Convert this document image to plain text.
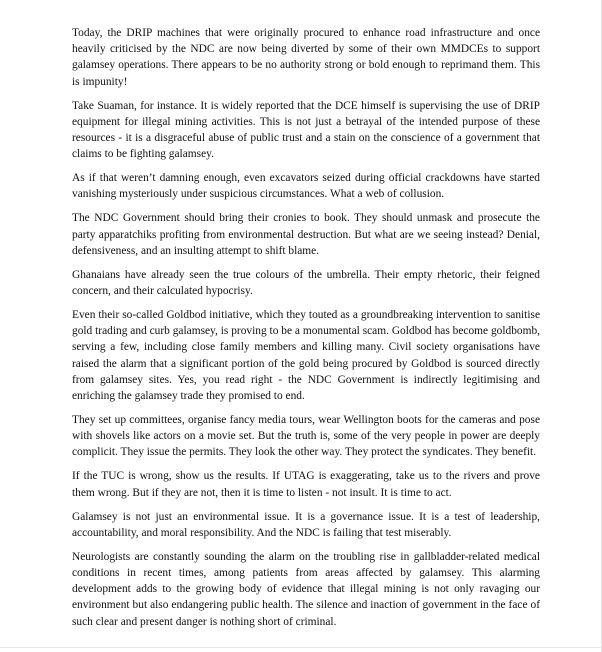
Today, the DRIP machines that were originally procured to enhance road infrastructure and once heavily criticised by the NDC are now being diverted by some of their own MMDCEs to support galamsey operations. There appears to be no authority strong or bold enough to reprimand them. This is impunity!

Take Suaman, for instance. It is widely reported that the DCE himself is supervising the use of DRIP equipment for illegal mining activities. This is not just a betrayal of the intended purpose of these resources - it is a disgraceful abuse of public trust and a stain on the conscience of a government that claims to be fighting galamsey.

As if that weren’t damning enough, even excavators seized during official crackdowns have started vanishing mysteriously under suspicious circumstances. What a web of collusion.

The NDC Government should bring their cronies to book. They should unmask and prosecute the party apparatchiks profiting from environmental destruction. But what are we seeing instead? Denial, defensiveness, and an insulting attempt to shift blame.

Ghanaians have already seen the true colours of the umbrella. Their empty rhetoric, their feigned concern, and their calculated hypocrisy.

Even their so-called Goldbod initiative, which they touted as a groundbreaking intervention to sanitise gold trading and curb galamsey, is proving to be a monumental scam. Goldbod has become goldbomb, serving a few, including close family members and killing many. Civil society organisations have raised the alarm that a significant portion of the gold being procured by Goldbod is sourced directly from galamsey sites. Yes, you read right - the NDC Government is indirectly legitimising and enriching the galamsey trade they promised to end.

They set up committees, organise fancy media tours, wear Wellington boots for the cameras and pose with shovels like actors on a movie set. But the truth is, some of the very people in power are deeply complicit. They issue the permits. They look the other way. They protect the syndicates. They benefit.

If the TUC is wrong, show us the results. If UTAG is exaggerating, take us to the rivers and prove them wrong. But if they are not, then it is time to listen - not insult. It is time to act.

Galamsey is not just an environmental issue. It is a governance issue. It is a test of leadership, accountability, and moral responsibility. And the NDC is failing that test miserably.

Neurologists are constantly sounding the alarm on the troubling rise in gallbladder-related medical conditions in recent times, among patients from areas affected by galamsey. This alarming development adds to the growing body of evidence that illegal mining is not only ravaging our environment but also endangering public health. The silence and inaction of government in the face of such clear and present danger is nothing short of criminal.
